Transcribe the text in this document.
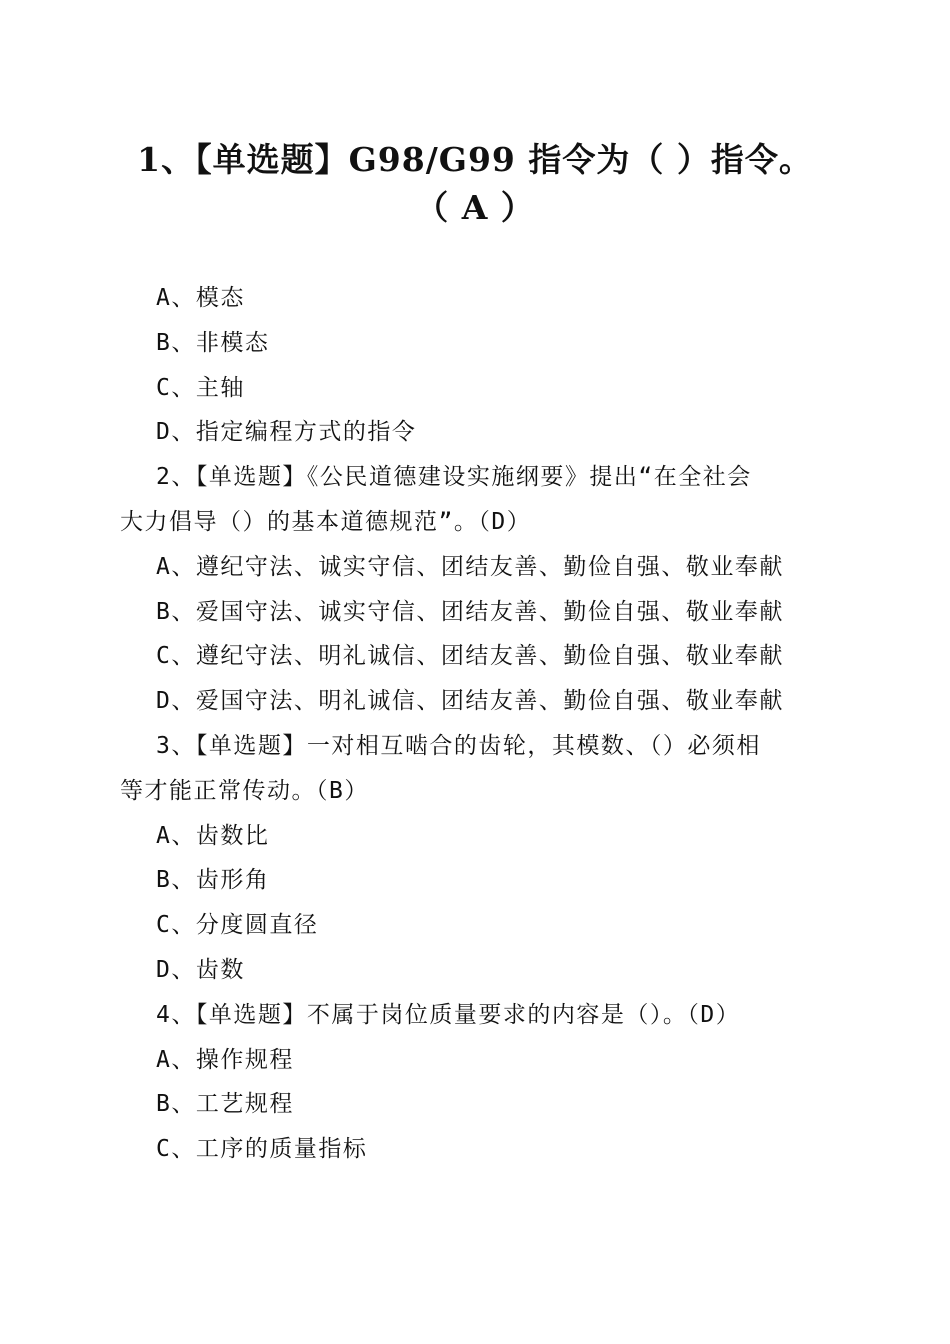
1、【单选题】G98/G99 指令为（ ）指令。
（ A ）
A、模态
B、非模态
C、主轴
D、指定编程方式的指令
2、【单选题】《公民道德建设实施纲要》提出“在全社会
大力倡导（）的基本道德规范”。（D）
A、遵纪守法、诚实守信、团结友善、勤俭自强、敬业奉献
B、爱国守法、诚实守信、团结友善、勤俭自强、敬业奉献
C、遵纪守法、明礼诚信、团结友善、勤俭自强、敬业奉献
D、爱国守法、明礼诚信、团结友善、勤俭自强、敬业奉献
3、【单选题】一对相互啮合的齿轮，其模数、（）必须相
等才能正常传动。（B）
A、齿数比
B、齿形角
C、分度圆直径
D、齿数
4、【单选题】不属于岗位质量要求的内容是（）。（D）
A、操作规程
B、工艺规程
C、工序的质量指标
